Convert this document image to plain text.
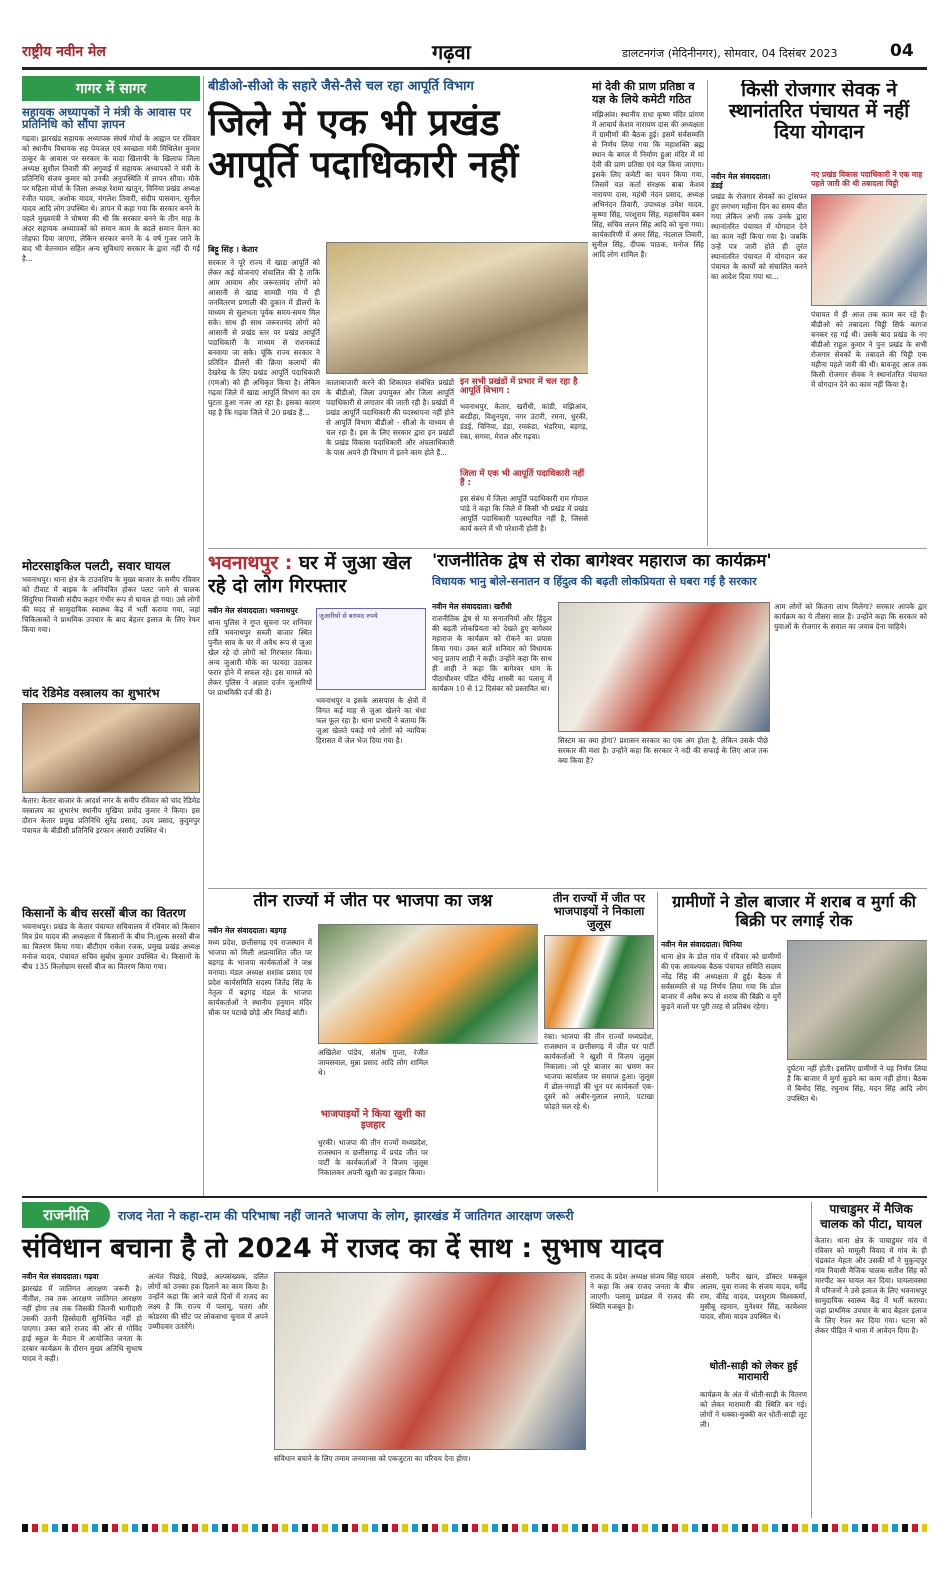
राष्ट्रीय नवीन मेल	गढ़वा	डालटनगंज (मेदिनीनगर), सोमवार, 04 दिसंबर 2023	04
गागर में सागर
सहायक अध्यापकों ने मंत्री के आवास पर प्रतिनिधि को सौंपा ज्ञापन
गढ़वा। झारखंड सहायक अध्यापक संघर्ष मोर्चा के आह्वान पर रविवार को स्थानीय विधायक सह पेयजल एवं स्वच्छता मंत्री मिथिलेश कुमार ठाकुर के आवास पर सरकार के वादा खिलाफी के खिलाफ जिला अध्यक्ष सुशील तिवारी की अगुवाई में सहायक अध्यापकों ने मंत्री के प्रतिनिधि संजय कुमार को उनकी अनुपस्थिति में ज्ञापन सौंपा। मौके पर महिला मोर्चा के जिला अध्यक्ष रेशमा खातून, विनिया प्रखंड अध्यक्ष रंजीत यादव, अशोक यादव, मंगलेश तिवारी, संदीप पासवान, सुनील यादव आदि लोग उपस्थित थे। ज्ञापन में कहा गया कि सरकार बनने के पहले मुख्यमंत्री ने घोषणा की थी कि सरकार बनने के तीन माह के अंदर सहायक अध्यापकों को समान काम के बदले समान वेतन का तोहफा दिया जाएगा, लेकिन सरकार बनने के 4 वर्ष गुजर जाने के बाद भी वेतनमान सहित अन्य सुविधाएं सरकार के द्वारा नहीं दी गई है...
मोटरसाइकिल पलटी, सवार घायल
भवनाथपुर। थाना क्षेत्र के टाउनशिप के मुख्य बाजार के समीप रविवार को टीवाट में बाइक के अनियंत्रित होकर पलट जाने से चालक सिंदुरिया निवासी संदीप कहार गंभीर रूप से घायल हो गया। उसे लोगों की मदद से सामुदायिक स्वास्थ्य केंद्र में भर्ती कराया गया, जहां चिकित्सकों ने प्राथमिक उपचार के बाद बेहतर इलाज के लिए रेफर किया गया।
चांद रेडिमेड वस्त्रालय का शुभारंभ
केतार। केतार बाजार के आदर्श नगर के समीप रविवार को चांद रेडिमेड वस्त्रालय का शुभारंभ स्थानीय मुखिया प्रमोद कुमार ने किया। इस दौरान केतार प्रमुख प्रतिनिधि सुरेंद्र प्रसाद, उदय प्रसाद, कुदुमपुर पंचायत के बीडीसी प्रतिनिधि इरफान अंसारी उपस्थित थे।
किसानों के बीच सरसों बीज का वितरण
भवनाथपुर। प्रखंड के केतार पंचायत सचिवालय में रविवार को किसान मित्र प्रेम यादव की अध्यक्षता में किसानों के बीच नि:शुल्क सरसों बीज का वितरण किया गया। बीटीएम राकेश रजक, प्रमुख प्रखंड अध्यक्ष मनोज यादव, पंचायत सचिव सुबोध कुमार उपस्थित थे। किसानों के बीच 135 किलोग्राम सरसों बीज का वितरण किया गया।
बीडीओ-सीओ के सहारे जैसे-तैसे चल रहा आपूर्ति विभाग
जिले में एक भी प्रखंड आपूर्ति पदाधिकारी नहीं
बिट्टू सिंह । केतार
सरकार ने पूरे राज्य में खाद्य आपूर्ति को लेकर कई योजनाएं संचालित की है ताकि आम आवाम और जरूरतमंद लोगों को आसानी से खाद्य सामग्री गांव में ही जनवितरण प्रणाली की दुकान में डीलरों के माध्यम से सुलभता पूर्वक समय-समय मिल सके। साथ ही साथ जरूरतमंद लोगों को आसानी से प्रखंड स्तर पर प्रखंड आपूर्ति पदाधिकारी के माध्यम से राशनकार्ड बनवाया जा सके। चूंकि राज्य सरकार ने प्रतिदिन डीलरों की क्रिया कलापों की देखरेख के लिए प्रखंड आपूर्ति पदाधिकारी (एमओ) को ही अधिकृत किया है। लेकिन गढ़वा जिले में खाद्य आपूर्ति विभाग का दम घुटता हुआ नजर आ रहा है। इसका कारण यह है कि गढ़वा जिले में 20 प्रखंड हैं...
कालाबाजारी करने की शिकायत संबंधित प्रखंडों के बीडीओ, जिला उपायुक्त और जिला आपूर्ति पदाधिकारी से लगातार की जाती रही है। प्रखंडों में प्रखंड आपूर्ति पदाधिकारी की पदस्थापना नहीं होने से आपूर्ति विभाग बीडीओ - सीओ के माध्यम से चल रहा है। इस के लिए सरकार द्वारा इन प्रखंडों के प्रखंड विकास पदाधिकारी और अंचलाधिकारी के पास अपने ही विभाग में इतने काम होते हैं...
इन सभी प्रखंडों में प्रभार में चल रहा है आपूर्ति विभाग :
भवनाथपुर, केतार, खरौंधी, कांडी, मझिआंव, बरडीहा, विशुनपुरा, नगर उंटारी, रमना, धुरकी, डंडई, चिनिया, डंडा, रमकंडा, भंडरिया, बड़गड़, रंका, सगमा, मेराल और गढ़वा।
जिला में एक भी आपूर्ति पदाधिकारी नहीं हैं :
इस संबंध में जिला आपूर्ति पदाधिकारी राम गोपाल पांडे ने कहा कि जिले में किसी भी प्रखंड में प्रखंड आपूर्ति पदाधिकारी पदस्थापित नहीं है, जिससे कार्य करने में भी परेशानी होती है।
मां देवी की प्राण प्रतिष्ठा व यज्ञ के लिये कमेटी गठित
मझिआंव। स्थानीय राधा कृष्ण मंदिर प्रांगण में आचार्य केशव नारायण दास की अध्यक्षता में ग्रामीणों की बैठक हुई। इसमें सर्वसम्मति से निर्णय लिया गया कि महाशक्ति ब्रह्म स्थान के बगल में निर्माण हुआ मंदिर में मां देवी की प्राण प्रतिष्ठा एवं यज्ञ किया जाएगा। इसके लिए कमेटी का चयन किया गया, जिसमें यज्ञ कर्ता संरक्षक बाबा केशव नारायण दास, महंथी नंदन प्रसाद, अध्यक्ष अभिनंदन तिवारी, उपाध्यक्ष उमेश यादव, कृष्णा सिंह, परशुराम सिंह, महासचिव बबन सिंह, सचिव ललन सिंह आदि को चुना गया। कार्यकारिणी में अमर सिंह, नंदलाल तिवारी, सुनील सिंह, दीपक पाठक, मनोज सिंह आदि लोग शामिल हैं।
किसी रोजगार सेवक ने स्थानांतरित पंचायत में नहीं दिया योगदान
नवीन मेल संवाददाता। डंडई
नए प्रखंड विकास पदाधिकारी ने एक माह पहले जारी की थी तबादला चिट्ठी
प्रखंड के रोजगार सेवकों का ट्रांसफर हुए लगभग महीना दिन का समय बीत गया लेकिन अभी तक उनके द्वारा स्थानांतरित पंचायत में योगदान देने का काम नहीं किया गया है। जबकि उन्हें पत्र जारी होते ही तुरंत स्थानांतरित पंचायत में योगदान कर पंचायत के कार्यों को संचालित करने का आदेश दिया गया था...
पंचायत में ही आज तक काम कर रहे हैं। बीडीओ को तबादला चिट्ठी सिर्फ कागज बनकर रह गई थी। उसके बाद प्रखंड के नए बीडीओ राहुल कुमार ने पुनः प्रखंड के सभी रोजगार सेवकों के तबादले की चिट्ठी एक महीना पहले जारी की थी। बावजूद आज तक किसी रोजगार सेवक ने स्थानांतरित पंचायत में योगदान देने का काम नहीं किया है।
भवनाथपुर : घर में जुआ खेल रहे दो लोग गिरफ्तार
नवीन मेल संवाददाता। भवनाथपुर
थाना पुलिस ने गुप्त सूचना पर शनिवार रात्रि भवनाथपुर सब्जी बाजार स्थित पुनीत साव के घर में अवैध रूप से जुआ खेल रहे दो लोगों को गिरफ्तार किया। अन्य जुआरी मौके का फायदा उठाकर फरार होने में सफल रहे। इस मामले को लेकर पुलिस ने अज्ञात दर्जन जुआरियों पर प्राथमिकी दर्ज की है।
जुआरियों से बरामद रुपये
भवनाथपुर व इसके आसपास के क्षेत्रों में विगत कई माह से जुआ खेलने का धंधा फल फूल रहा है। थाना प्रभारी ने बताया कि जुआ खेलते पकड़े गये लोगों को न्यायिक हिरासत में जेल भेज दिया गया है।
'राजनीतिक द्वेष से रोका बागेश्वर महाराज का कार्यक्रम'
विधायक भानु बोले-सनातन व हिंदुत्व की बढ़ती लोकप्रियता से घबरा गई है सरकार
नवीन मेल संवाददाता। खरौंधी
राजनीतिक द्वेष से या सनातनियों और हिंदुत्व की बढ़ती लोकप्रियता को देखते हुए बागेश्वर महाराज के कार्यक्रम को रोकने का प्रयास किया गया। उक्त बातें शनिवार को विधायक भानु प्रताप शाही ने कही। उन्होंने कहा कि साथ ही शाही ने कहा कि बागेश्वर धाम के पीठाधीश्वर पंडित धीरेंद्र शास्त्री का पलामू में कार्यक्रम 10 से 12 दिसंबर को प्रस्तावित था।
सिस्टम का क्या होगा? प्रशासन सरकार का एक अंग होता है, लेकिन उसके पीछे सरकार की मंशा है। उन्होंने कहा कि सरकार ने नदी की सफाई के लिए आज तक क्या किया है?
आम लोगों को कितना लाभ मिलेगा? सरकार आपके द्वार कार्यक्रम का ये तीसरा साल है। उन्होंने कहा कि सरकार को युवाओं के रोजगार के सवाल का जवाब देना चाहिये।
तीन राज्यों में जीत पर भाजपा का जश्न
नवीन मेल संवाददाता। बड़गड़
मध्य प्रदेश, छत्तीसगढ़ एवं राजस्थान में भाजपा को मिली अप्रत्याशित जीत पर बड़गड़ के भाजपा कार्यकर्ताओं ने जश्न मनाया। मंडल अध्यक्ष शशांक प्रसाद एवं प्रदेश कार्यसमिति सदस्य जितेंद्र सिंह के नेतृत्व में बड़गड़ मंडल के भाजपा कार्यकर्ताओं ने स्थानीय हनुमान मंदिर चौक पर पटाखे छोड़े और मिठाई बांटी।
अखिलेश पांडेय, संतोष गुप्ता, रंजीत जायसवाल, मुन्ना प्रसाद आदि लोग शामिल थे।
भाजपाइयों ने किया खुशी का इजहार
धुरकी। भाजपा की तीन राज्यों मध्यप्रदेश, राजस्थान व छत्तीसगढ़ में प्रचंड जीत पर पार्टी के कार्यकर्ताओं ने विजय जुलूस निकालकर अपनी खुशी का इजहार किया।
तीन राज्यों में जीत पर भाजपाइयों ने निकाला जुलूस
रंका। भाजपा की तीन राज्यों मध्यप्रदेश, राजस्थान व छत्तीसगढ़ में जीत पर पार्टी कार्यकर्ताओं ने खुशी में विजय जुलूस निकाला। जो पूरे बाजार का भ्रमण कर भाजपा कार्यालय पर समाप्त हुआ। जुलूस में ढोल-नगाड़ों की धुन पर कार्यकर्ता एक-दूसरे को अबीर-गुलाल लगाते, पटाखा फोड़ते चल रहे थे।
ग्रामीणों ने डोल बाजार में शराब व मुर्गा की बिक्री पर लगाई रोक
नवीन मेल संवाददाता। चिनिया
थाना क्षेत्र के डोल गांव में रविवार को ग्रामीणों की एक आवश्यक बैठक पंचायत समिति सदस्य नरेंद्र सिंह की अध्यक्षता में हुई। बैठक में सर्वसम्मति से यह निर्णय लिया गया कि डोल बाजार में अवैध रूप से शराब की बिक्री व मुर्गे कुड़ने वालों पर पूरी तरह से प्रतिबंध रहेगा।
दुर्घटना नहीं होती। इसलिए ग्रामीणों ने यह निर्णय लिया है कि बाजार में मुर्गा कुड़ने का काम नहीं होगा। बैठक में बिनोद सिंह, रघुनाथ सिंह, मदन सिंह आदि लोग उपस्थित थे।
राजनीति	राजद नेता ने कहा-राम की परिभाषा नहीं जानते भाजपा के लोग, झारखंड में जातिगत आरक्षण जरूरी
संविधान बचाना है तो 2024 में राजद का दें साथ : सुभाष यादव
नवीन मेल संवाददाता। गढ़वा
झारखंड में जातिगत आरक्षण जरूरी है। नीतीश, तब तक आरक्षण जातिगत आरक्षण नहीं होगा तब तक जिसकी जितनी भागीदारी उसकी उतनी हिस्सेदारी सुनिश्चित नहीं हो पाएगा। उक्त बातें राजद की ओर से गोविंद हाई स्कूल के मैदान में आयोजित जनता के दरबार कार्यक्रम के दौरान मुख्य अतिथि सुभाष यादव ने कही।
अत्यंत पिछड़े, पिछड़े, अल्पसंख्यक, दलित लोगों को उनका हक दिलाने का काम किया है। उन्होंने कहा कि आने वाले दिनों में राजद का लक्ष्य है कि राज्य में पलामू, चतरा और कोडरमा की सीट पर लोकसभा चुनाव में अपने उम्मीदवार उतारेंगे।
संविधान बचाने के लिए तमाम जनमानस को एकजुटता का परिचय देना होगा।
राजद के प्रदेश अध्यक्ष संजय सिंह यादव ने कहा कि अब राजद जनता के बीच जाएगी। पलामू प्रमंडल में राजद की स्थिति मजबूत है।
अंसारी, फरीद खान, डॉक्टर मकबूल आलम, युवा राजद के संजय यादव, धर्मेंद्र राम, बीरेंद्र यादव, परशुराम विश्वकर्मा, मुसीबू रहमान, मुनेश्वर सिंह, कामेश्वर यादव, सीमा यादव उपस्थित थे।
धोती-साड़ी को लेकर हुई मारामारी
कार्यक्रम के अंत में धोती-साड़ी के वितरण को लेकर मारामारी की स्थिति बन गई। लोगों ने धक्का-मुक्की कर धोती-साड़ी लूट ली।
पाचाडुमर में मैजिक चालक को पीटा, घायल
केतार। थाना क्षेत्र के पाचाडुमर गांव में रविवार को मामूली विवाद में गांव के ही चंद्रकांत मेहता और उसकी माँ ने मुकुन्दपुर गांव निवासी मैजिक चालक सतीश सिंह को मारपीट कर घायल कर दिया। घायलावस्था में परिजनों ने उसे इलाज के लिए भवनाथपुर सामुदायिक स्वास्थ्य केंद्र में भर्ती कराया। जहां प्राथमिक उपचार के बाद बेहतर इलाज के लिए रेफर कर दिया गया। घटना को लेकर पीड़ित ने थाना में आवेदन दिया है।
